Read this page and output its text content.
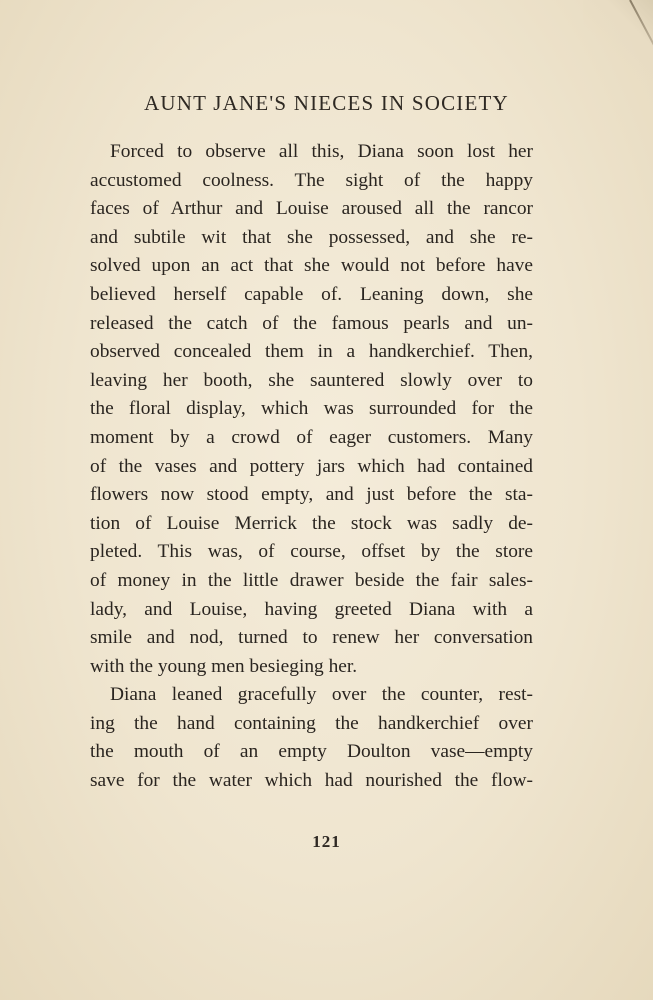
AUNT JANE'S NIECES IN SOCIETY
Forced to observe all this, Diana soon lost her
accustomed coolness. The sight of the happy
faces of Arthur and Louise aroused all the rancor
and subtile wit that she possessed, and she re-
solved upon an act that she would not before have
believed herself capable of. Leaning down, she
released the catch of the famous pearls and un-
observed concealed them in a handkerchief. Then,
leaving her booth, she sauntered slowly over to
the floral display, which was surrounded for the
moment by a crowd of eager customers. Many
of the vases and pottery jars which had contained
flowers now stood empty, and just before the sta-
tion of Louise Merrick the stock was sadly de-
pleted. This was, of course, offset by the store
of money in the little drawer beside the fair sales-
lady, and Louise, having greeted Diana with a
smile and nod, turned to renew her conversation
with the young men besieging her.
Diana leaned gracefully over the counter, rest-
ing the hand containing the handkerchief over
the mouth of an empty Doulton vase—empty
save for the water which had nourished the flow-
121
